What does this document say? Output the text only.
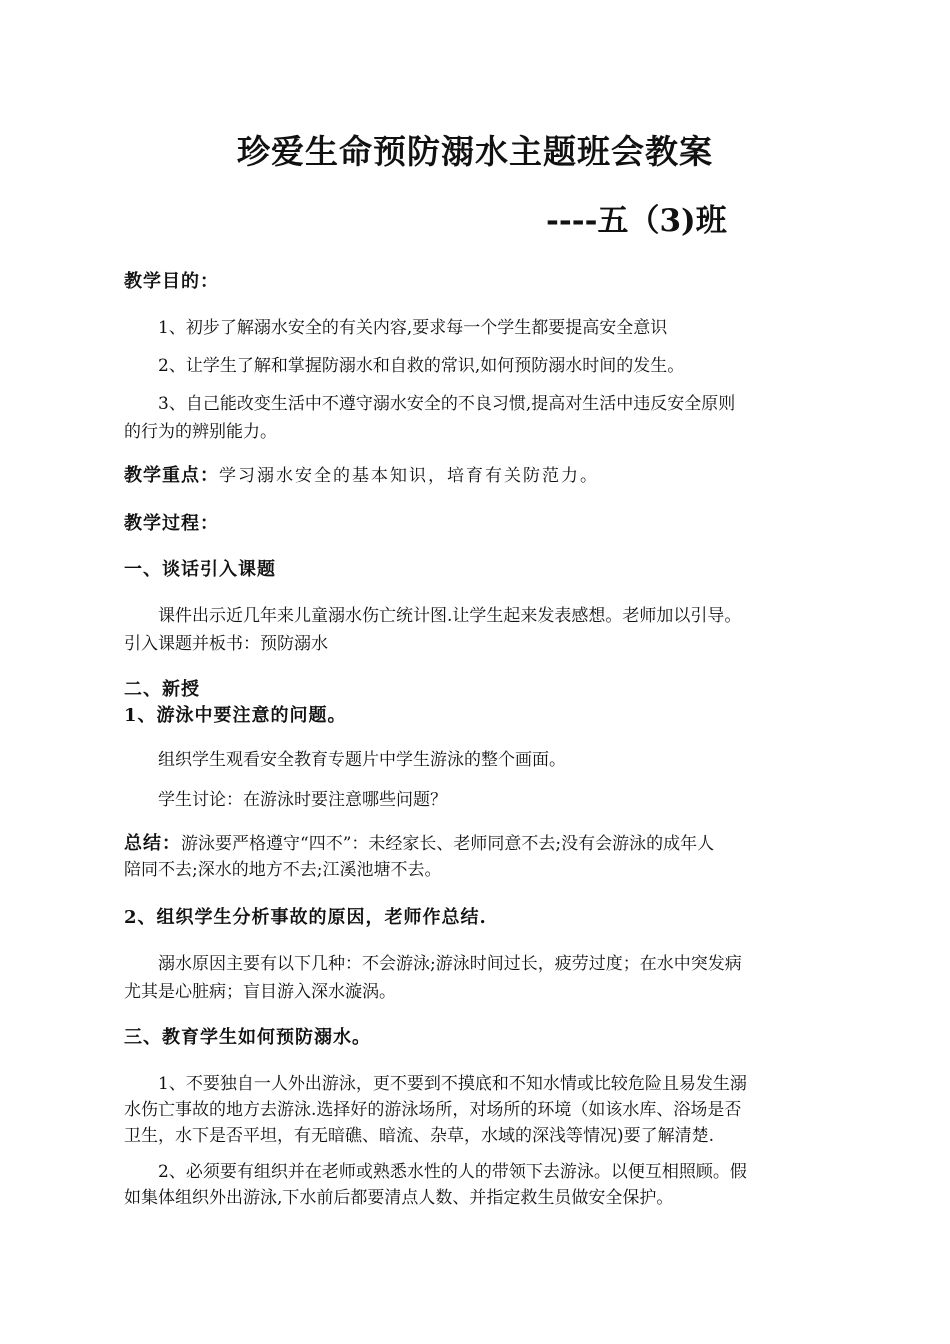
珍爱生命预防溺水主题班会教案
----五（3)班
教学目的：
1、初步了解溺水安全的有关内容,要求每一个学生都要提高安全意识
2、让学生了解和掌握防溺水和自救的常识,如何预防溺水时间的发生。
3、自己能改变生活中不遵守溺水安全的不良习惯,提高对生活中违反安全原则
的行为的辨别能力。
教学重点：学习溺水安全的基本知识，培育有关防范力。
教学过程：
一、谈话引入课题
课件出示近几年来儿童溺水伤亡统计图.让学生起来发表感想。老师加以引导。
引入课题并板书：预防溺水
二、新授
1、游泳中要注意的问题。
组织学生观看安全教育专题片中学生游泳的整个画面。
学生讨论：在游泳时要注意哪些问题？
总结：游泳要严格遵守“四不”：未经家长、老师同意不去;没有会游泳的成年人
陪同不去;深水的地方不去;江溪池塘不去。
2、组织学生分析事故的原因，老师作总结.
溺水原因主要有以下几种：不会游泳;游泳时间过长，疲劳过度；在水中突发病
尤其是心脏病；盲目游入深水漩涡。
三、教育学生如何预防溺水。
1、不要独自一人外出游泳，更不要到不摸底和不知水情或比较危险且易发生溺
水伤亡事故的地方去游泳.选择好的游泳场所，对场所的环境（如该水库、浴场是否
卫生，水下是否平坦，有无暗礁、暗流、杂草，水域的深浅等情况)要了解清楚.
2、必须要有组织并在老师或熟悉水性的人的带领下去游泳。以便互相照顾。假
如集体组织外出游泳,下水前后都要清点人数、并指定救生员做安全保护。
